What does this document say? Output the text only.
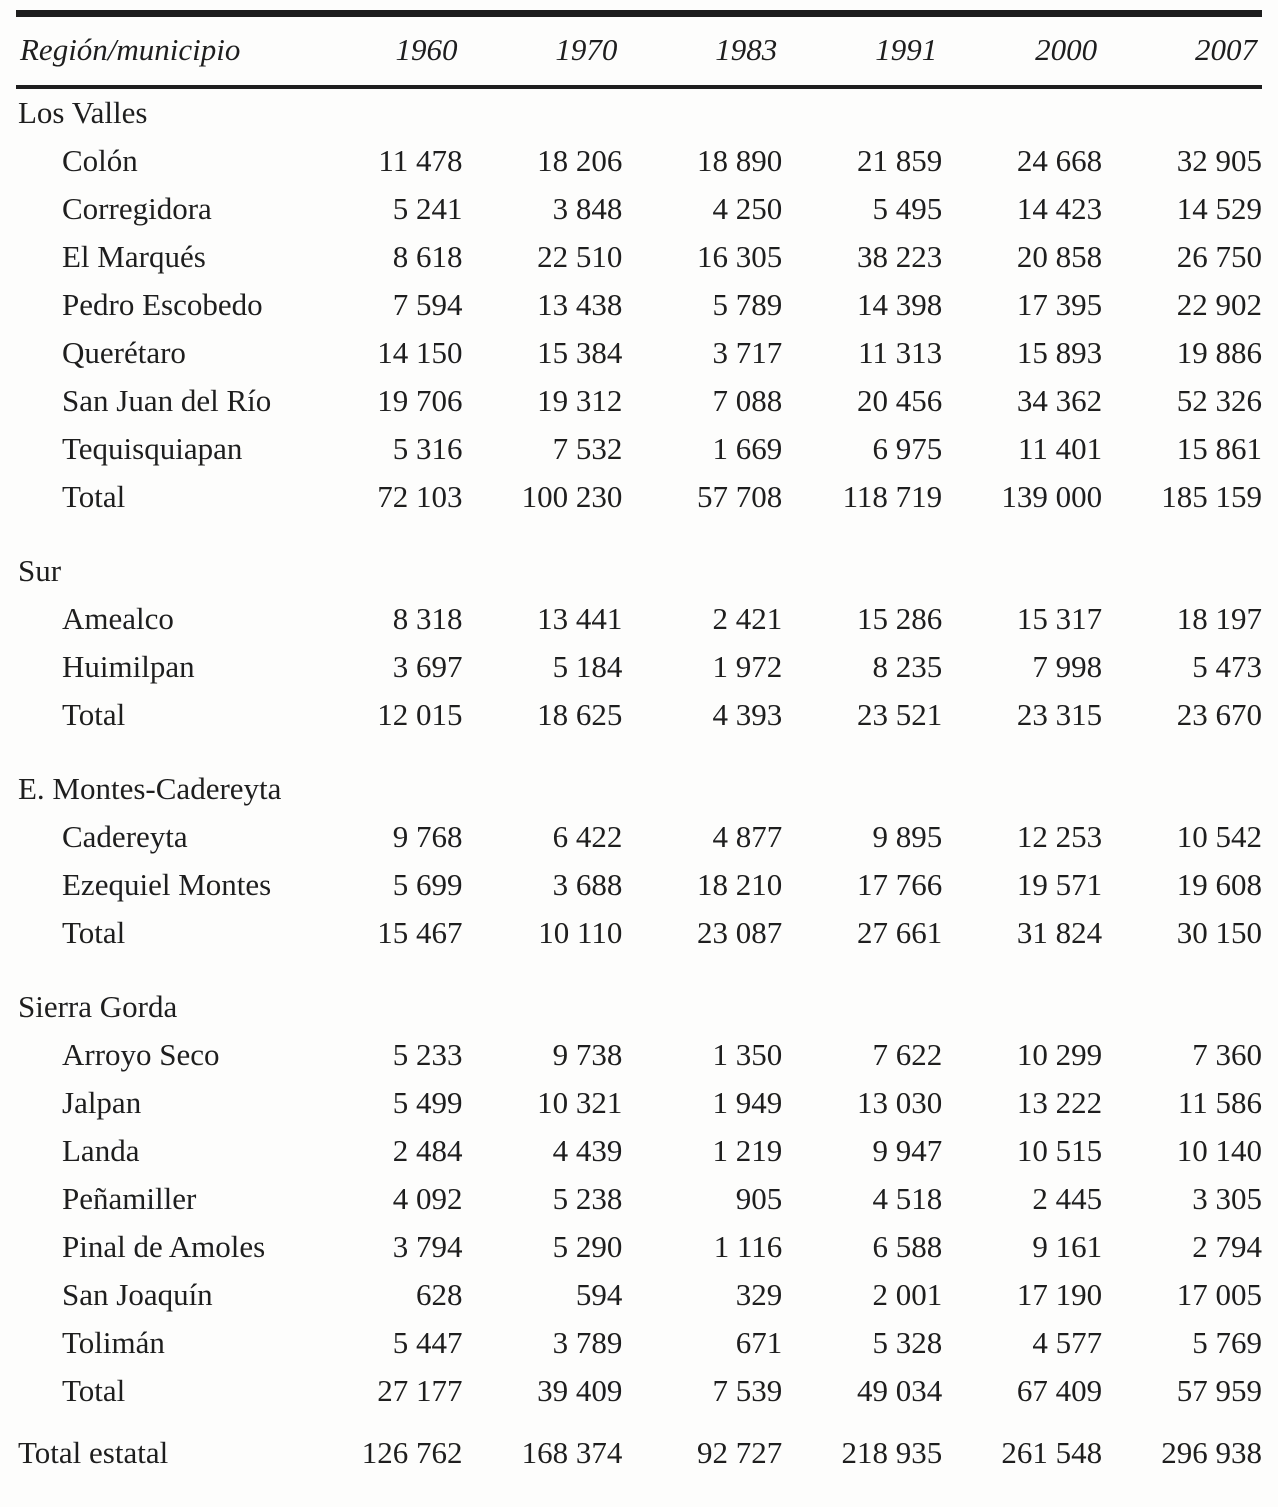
Región/municipio	1960	1970	1983	1991	2000	2007
Los Valles						
Colón	11 478	18 206	18 890	21 859	24 668	32 905
Corregidora	5 241	3 848	4 250	5 495	14 423	14 529
El Marqués	8 618	22 510	16 305	38 223	20 858	26 750
Pedro Escobedo	7 594	13 438	5 789	14 398	17 395	22 902
Querétaro	14 150	15 384	3 717	11 313	15 893	19 886
San Juan del Río	19 706	19 312	7 088	20 456	34 362	52 326
Tequisquiapan	5 316	7 532	1 669	6 975	11 401	15 861
Total	72 103	100 230	57 708	118 719	139 000	185 159
Sur						
Amealco	8 318	13 441	2 421	15 286	15 317	18 197
Huimilpan	3 697	5 184	1 972	8 235	7 998	5 473
Total	12 015	18 625	4 393	23 521	23 315	23 670
E. Montes-Cadereyta						
Cadereyta	9 768	6 422	4 877	9 895	12 253	10 542
Ezequiel Montes	5 699	3 688	18 210	17 766	19 571	19 608
Total	15 467	10 110	23 087	27 661	31 824	30 150
Sierra Gorda						
Arroyo Seco	5 233	9 738	1 350	7 622	10 299	7 360
Jalpan	5 499	10 321	1 949	13 030	13 222	11 586
Landa	2 484	4 439	1 219	9 947	10 515	10 140
Peñamiller	4 092	5 238	905	4 518	2 445	3 305
Pinal de Amoles	3 794	5 290	1 116	6 588	9 161	2 794
San Joaquín	628	594	329	2 001	17 190	17 005
Tolimán	5 447	3 789	671	5 328	4 577	5 769
Total	27 177	39 409	7 539	49 034	67 409	57 959
Total estatal	126 762	168 374	92 727	218 935	261 548	296 938
